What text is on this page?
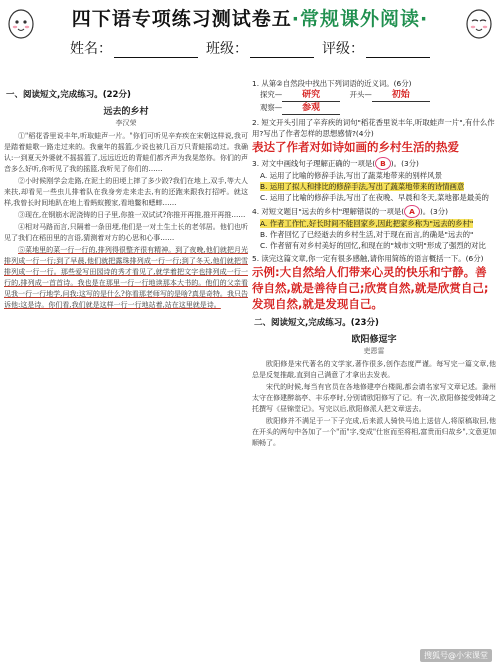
四下语专项练习测试卷五·常规课外阅读·
姓名：	班级：	评级：
一、阅读短文,完成练习。(22分)
远去的乡村
李汉荣

①"稻花香里说丰年,听取蛙声一片。"你们可听见辛弃疾在宋朝这样说,我可是踏着蛙歌一路走过来的。我童年的摇篮,少说也被几百万只青蛙摇动过。我确认:一到夏天外婆就不摇摇篮了,远远近近的青蛙们都齐声为我晃悠你。你们的声音多么好听,你听见了我的摇篮,我听见了你们的……

②小时候刚学会走路,在泥土的田埂上摔了多少跤?我们在地上,双手,等大人来扶,却看见一些虫儿排着队在我身旁走来走去,有的还跑来跟我打招呼。就这样,我曾长时间地趴在地上看蚂蚁搬家,看地鳖和蟋蟀……

③现在,在钢筋水泥浇铸的日子里,你推一双试试?你推开再推,推开再推……

④相对马路而言,只隔着一条田埂,他们是一对土生土长的老邻居。他们也听见了我们在稻田里的言语,猜测着对方的心思和心事……

⑤菜地里的菜一行一行的,排列得很整齐很有精神。到了夜晚,他们就把月光排列成一行一行;到了早晨,他们就把露珠排列成一行一行;到了冬天,他们就把雪排列成一行一行。那些爱写田园诗的秀才看见了,就学着把文字也排列成一行一行的,排列成一首首诗。我也是在那里一行一行地读那本大书的。他们的父亲看见我一行一行地学,问我:这写的是什么?你看那老师写的是啥?真是奇特。我只告诉他:这是诗。你们看,我们就是这样一行一行地站着,站在这里就是诗。

1. 从第②自然段中找出下列词语的近义词。(6分)
探究— 研究	开头— 初始
观察— 参观
2. 短文开头引用了辛弃疾的词句"稻花香里说丰年,听取蛙声一片",有什么作用?写出了作者怎样的思想感情?(4分)
表达了作者对如诗如画的乡村生活的热爱
3. 对文中画线句子理解正确的一项是( B )。(3分)
A. 运用了比喻的修辞手法,写出了蔬菜地带来的别样风景
B. 运用了拟人和排比的修辞手法,写出了蔬菜地带来的诗情画意
C. 运用了比喻的修辞手法,写出了在夜晚、早晨和冬天,菜地都是最美的
4. 对短文题目"远去的乡村"理解错误的一项是( A )。(3分)
A. 作者工作忙,好长时间不能回家乡,因此把家乡称为"远去的乡村"
B. 作者回忆了已经逝去的乡村生活,对于现在而言,的确是"远去的"
C. 作者留有对乡村美好的回忆,和现在的"城市文明"形成了强烈的对比
5. 读完这篇文章,你一定有很多感触,请你用简练的语言概括一下。(6分)
示例:大自然给人们带来心灵的快乐和宁静。善待自然,就是善待自己;欣赏自然,就是欣赏自己;发现自然,就是发现自己。
二、阅读短文,完成练习。(23分)
欧阳修逗字
吏恩雷

欧阳修是宋代著名的文学家,著作很多,创作态度严谨。每写完一篇文章,他总是反复推敲,直到自己满意了才拿出去发表。

宋代的时候,每当有官员在各地修建亭台楼阁,都会请名家写文章记述。滁州太守在修建醉翁亭、丰乐亭时,分别请欧阳修写了记。有一次,欧阳修接受韩琦之托撰写《昼锦堂记》。写完以后,欧阳修派人把文章送去。

欧阳修并不满足于一下子完成,后来派人骑快马追上送信人,将原稿取回,他在开头的两句中各加了一个"而"字,变成"仕宦而至将相,富贵而归故乡",文意更加顺畅了。

搜狐号@小宋课堂
